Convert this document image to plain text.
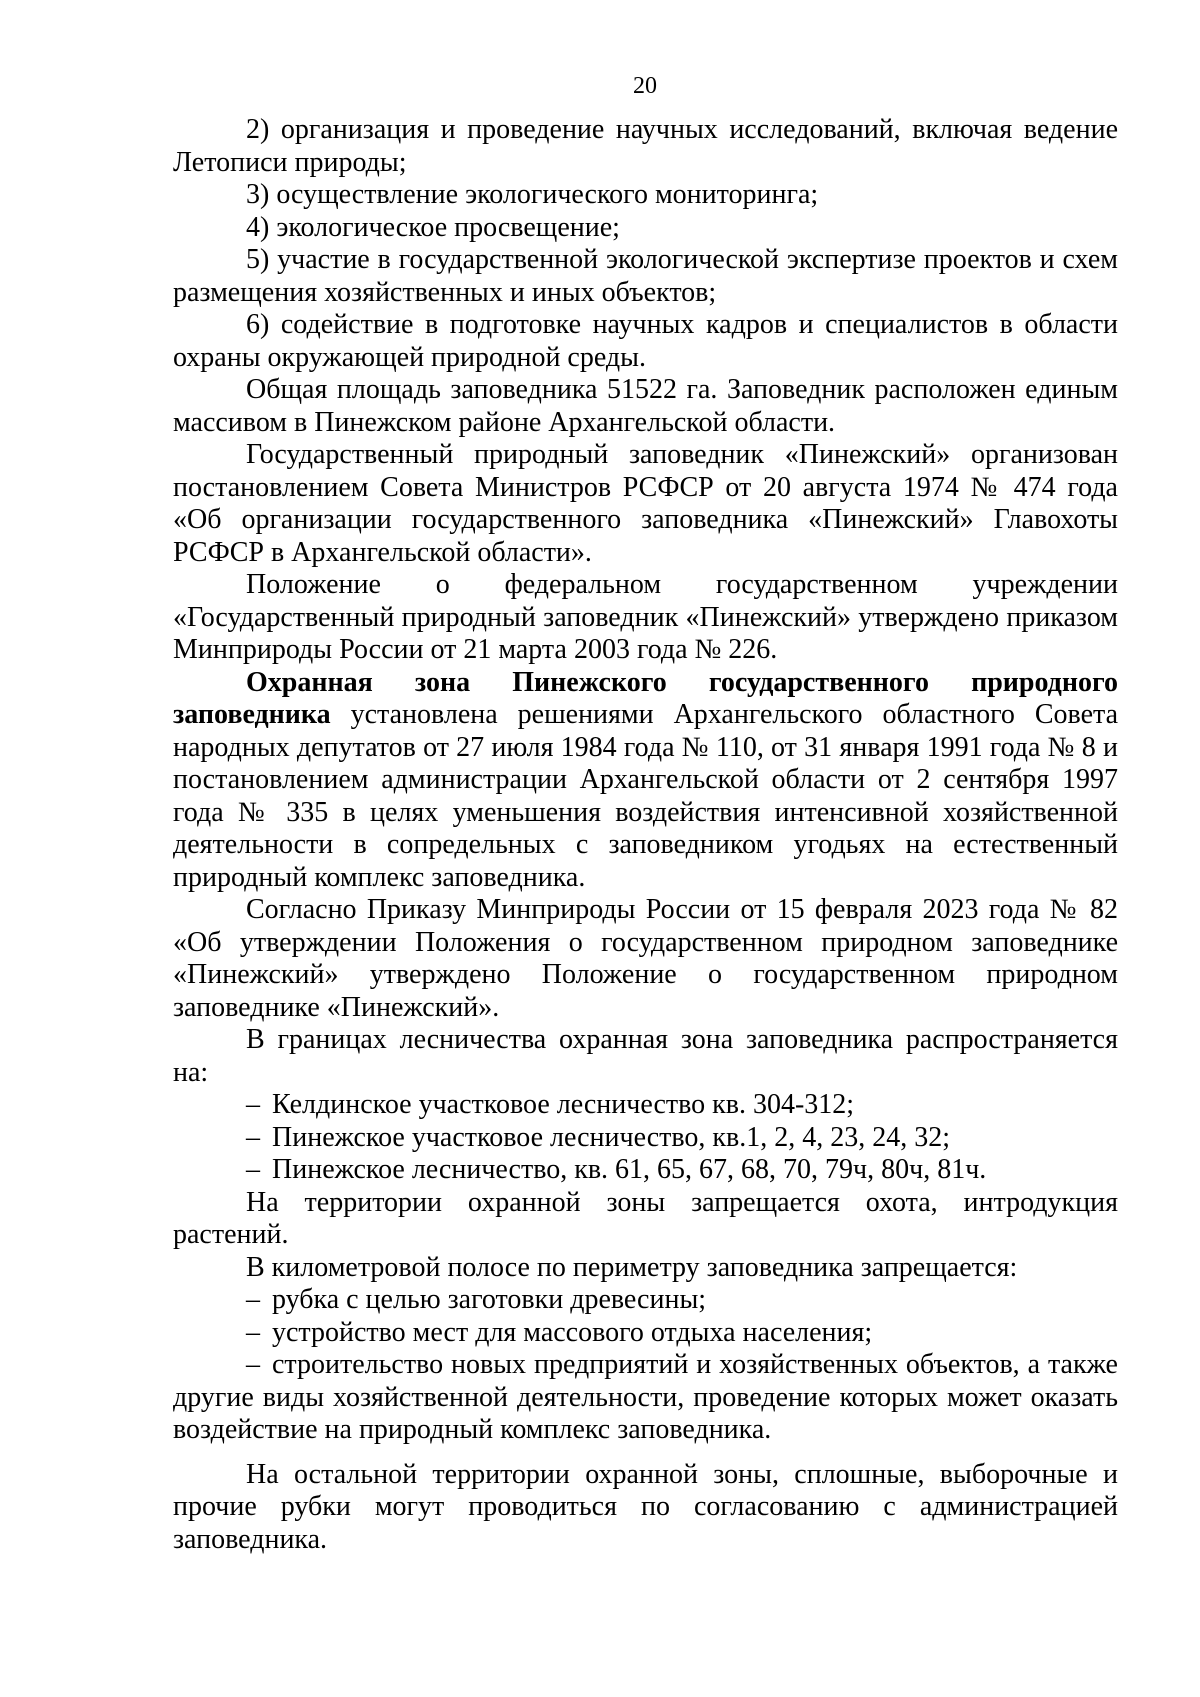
20

2) организация и проведение научных исследований, включая ведение Летописи природы;

3) осуществление экологического мониторинга;

4) экологическое просвещение;

5) участие в государственной экологической экспертизе проектов и схем размещения хозяйственных и иных объектов;

6) содействие в подготовке научных кадров и специалистов в области охраны окружающей природной среды.

Общая площадь заповедника 51522 га. Заповедник расположен единым массивом в Пинежском районе Архангельской области.

Государственный природный заповедник «Пинежский» организован постановлением Совета Министров РСФСР от 20 августа 1974 № 474 года «Об организации государственного заповедника «Пинежский» Главохоты РСФСР в Архангельской области».

Положение о федеральном государственном учреждении «Государственный природный заповедник «Пинежский» утверждено приказом Минприроды России от 21 марта 2003 года № 226.

Охранная зона Пинежского государственного природного заповедника установлена решениями Архангельского областного Совета народных депутатов от 27 июля 1984 года № 110, от 31 января 1991 года № 8 и постановлением администрации Архангельской области от 2 сентября 1997 года № 335 в целях уменьшения воздействия интенсивной хозяйственной деятельности в сопредельных с заповедником угодьях на естественный природный комплекс заповедника.

Согласно Приказу Минприроды России от 15 февраля 2023 года № 82 «Об утверждении Положения о государственном природном заповеднике «Пинежский» утверждено Положение о государственном природном заповеднике «Пинежский».

В границах лесничества охранная зона заповедника распространяется на:

– Келдинское участковое лесничество кв. 304-312;

– Пинежское участковое лесничество, кв.1, 2, 4, 23, 24, 32;

– Пинежское лесничество, кв. 61, 65, 67, 68, 70, 79ч, 80ч, 81ч.

На территории охранной зоны запрещается охота, интродукция растений.

В километровой полосе по периметру заповедника запрещается:

– рубка с целью заготовки древесины;

– устройство мест для массового отдыха населения;

– строительство новых предприятий и хозяйственных объектов, а также другие виды хозяйственной деятельности, проведение которых может оказать воздействие на природный комплекс заповедника.

На остальной территории охранной зоны, сплошные, выборочные и прочие рубки могут проводиться по согласованию с администрацией заповедника.
